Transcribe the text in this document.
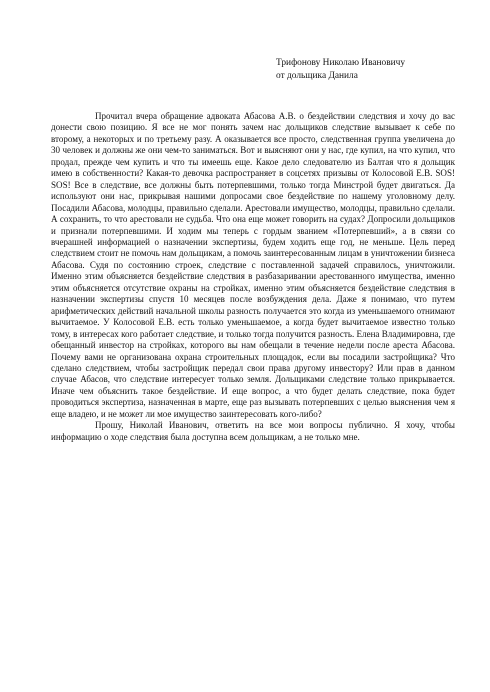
Трифонову Николаю Ивановичу
от дольщика Данила

Прочитал вчера обращение адвоката Абасова А.В. о бездействии следствия и хочу до вас донести свою позицию. Я все не мог понять зачем нас дольщиков следствие вызывает к себе по второму, а некоторых и по третьему разу. А оказывается все просто, следственная группа увеличена до 30 человек и должны же они чем-то заниматься. Вот и выясняют они у нас, где купил, на что купил, что продал, прежде чем купить и что ты имеешь еще. Какое дело следователю из Балтая что я дольщик имею в собственности? Какая-то девочка распространяет в соцсетях призывы от Колосовой Е.В. SOS! SOS! Все в следствие, все должны быть потерпевшими, только тогда Минстрой будет двигаться. Да используют они нас, прикрывая нашими допросами свое бездействие по нашему уголовному делу. Посадили Абасова, молодцы, правильно сделали. Арестовали имущество, молодцы, правильно сделали. А сохранить, то что арестовали не судьба. Что она еще может говорить на судах? Допросили дольщиков и признали потерпевшими. И ходим мы теперь с гордым званием «Потерпевший», а в связи со вчерашней информацией о назначении экспертизы, будем ходить еще год, не меньше. Цель перед следствием стоит не помочь нам дольщикам, а помочь заинтересованным лицам в уничтожении бизнеса Абасова. Судя по состоянию строек, следствие с поставленной задачей справилось, уничтожили. Именно этим объясняется бездействие следствия в разбазаривании арестованного имущества, именно этим объясняется отсутствие охраны на стройках, именно этим объясняется бездействие следствия в назначении экспертизы спустя 10 месяцев после возбуждения дела. Даже я понимаю, что путем арифметических действий начальной школы разность получается это когда из уменьшаемого отнимают вычитаемое. У Колосовой Е.В. есть только уменьшаемое, а когда будет вычитаемое известно только тому, в интересах кого работает следствие, и только тогда получится разность. Елена Владимировна, где обещанный инвестор на стройках, которого вы нам обещали в течение недели после ареста Абасова. Почему вами не организована охрана строительных площадок, если вы посадили застройщика? Что сделано следствием, чтобы застройщик передал свои права другому инвестору? Или прав в данном случае Абасов, что следствие интересует только земля. Дольщиками следствие только прикрывается. Иначе чем объяснить такое бездействие. И еще вопрос, а что будет делать следствие, пока будет проводиться экспертиза, назначенная в марте, еще раз вызывать потерпевших с целью выяснения чем я еще владею, и не может ли мое имущество заинтересовать кого-либо?

Прошу, Николай Иванович, ответить на все мои вопросы публично. Я хочу, чтобы информацию о ходе следствия была доступна всем дольщикам, а не только мне.
